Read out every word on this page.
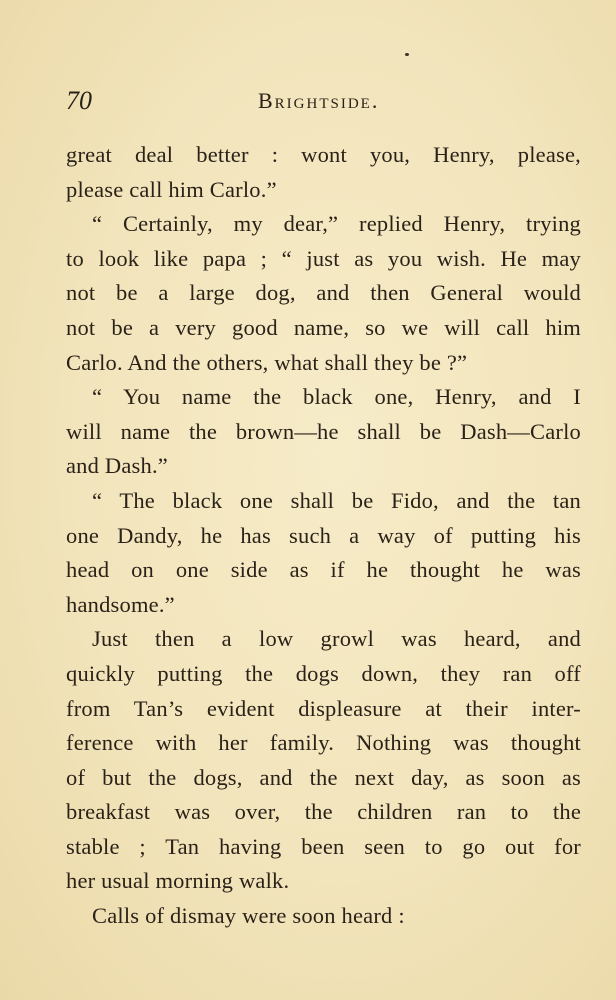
70	Brightside.
great deal better : wont you, Henry, please,
please call him Carlo.”
“ Certainly, my dear,” replied Henry, trying
to look like papa ; “ just as you wish. He may
not be a large dog, and then General would
not be a very good name, so we will call him
Carlo. And the others, what shall they be ?”
“ You name the black one, Henry, and I
will name the brown—he shall be Dash—Carlo
and Dash.”
“ The black one shall be Fido, and the tan
one Dandy, he has such a way of putting his
head on one side as if he thought he was
handsome.”
Just then a low growl was heard, and
quickly putting the dogs down, they ran off
from Tan’s evident displeasure at their inter-
ference with her family. Nothing was thought
of but the dogs, and the next day, as soon as
breakfast was over, the children ran to the
stable ; Tan having been seen to go out for
her usual morning walk.
Calls of dismay were soon heard :
